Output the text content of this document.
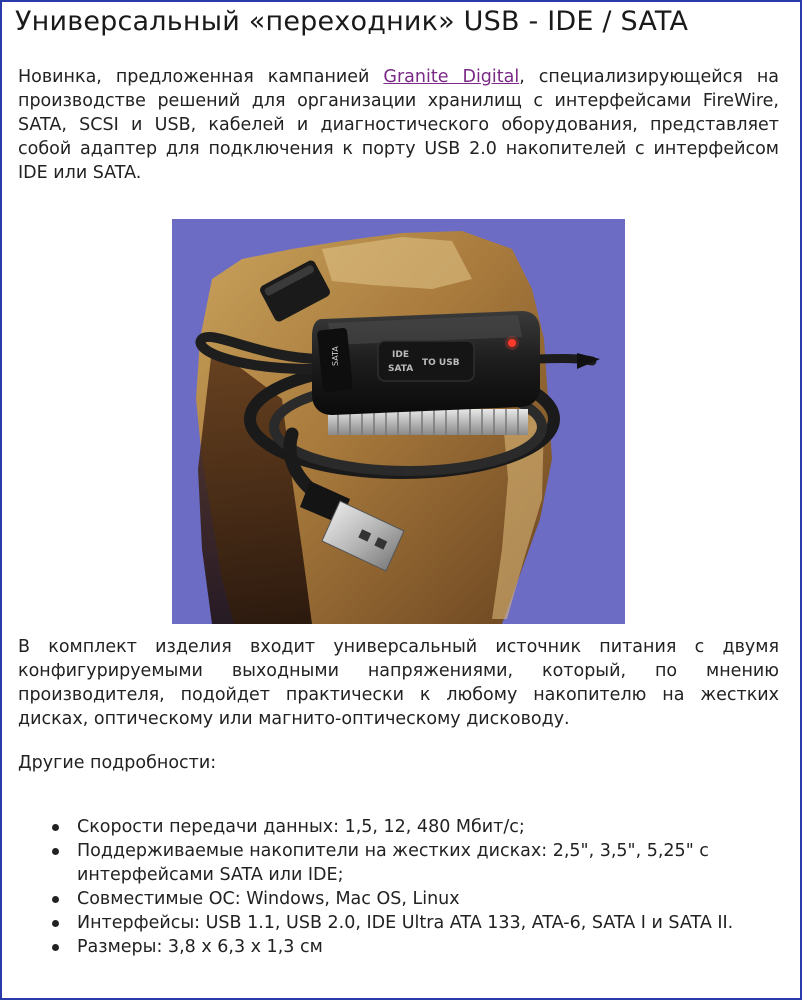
Универсальный «переходник» USB - IDE / SATA

Новинка, предложенная кампанией Granite Digital, специализирующейся на производстве решений для организации хранилищ с интерфейсами FireWire, SATA, SCSI и USB, кабелей и диагностического оборудования, представляет собой адаптер для подключения к порту USB 2.0 накопителей с интерфейсом IDE или SATA.

SATA	IDE
SATA
TO USB

В комплект изделия входит универсальный источник питания с двумя конфигурируемыми выходными напряжениями, который, по мнению производителя, подойдет практически к любому накопителю на жестких дисках, оптическому или магнито-оптическому дисководу.

Другие подробности:

Скорости передачи данных: 1,5, 12, 480 Мбит/с;
Поддерживаемые накопители на жестких дисках: 2,5", 3,5", 5,25" с интерфейсами SATA или IDE;
Совместимые ОС: Windows, Mac OS, Linux
Интерфейсы: USB 1.1, USB 2.0, IDE Ultra ATA 133, ATA-6, SATA I и SATA II.
Размеры: 3,8 x 6,3 x 1,3 см
